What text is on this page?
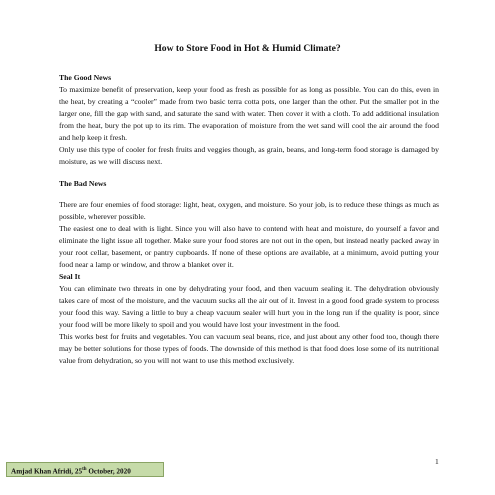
How to Store Food in Hot & Humid Climate?
The Good News

To maximize benefit of preservation, keep your food as fresh as possible for as long as possible. You can do this, even in the heat, by creating a “cooler” made from two basic terra cotta pots, one larger than the other. Put the smaller pot in the larger one, fill the gap with sand, and saturate the sand with water. Then cover it with a cloth. To add additional insulation from the heat, bury the pot up to its rim. The evaporation of moisture from the wet sand will cool the air around the food and help keep it fresh.

Only use this type of cooler for fresh fruits and veggies though, as grain, beans, and long-term food storage is damaged by moisture, as we will discuss next.

The Bad News

There are four enemies of food storage: light, heat, oxygen, and moisture. So your job, is to reduce these things as much as possible, wherever possible.

The easiest one to deal with is light. Since you will also have to contend with heat and moisture, do yourself a favor and eliminate the light issue all together. Make sure your food stores are not out in the open, but instead neatly packed away in your root cellar, basement, or pantry cupboards. If none of these options are available, at a minimum, avoid putting your food near a lamp or window, and throw a blanket over it.

Seal It

You can eliminate two threats in one by dehydrating your food, and then vacuum sealing it. The dehydration obviously takes care of most of the moisture, and the vacuum sucks all the air out of it. Invest in a good food grade system to process your food this way. Saving a little to buy a cheap vacuum sealer will hurt you in the long run if the quality is poor, since your food will be more likely to spoil and you would have lost your investment in the food.

This works best for fruits and vegetables. You can vacuum seal beans, rice, and just about any other food too, though there may be better solutions for those types of foods. The downside of this method is that food does lose some of its nutritional value from dehydration, so you will not want to use this method exclusively.

1
Amjad Khan Afridi, 25th October, 2020
